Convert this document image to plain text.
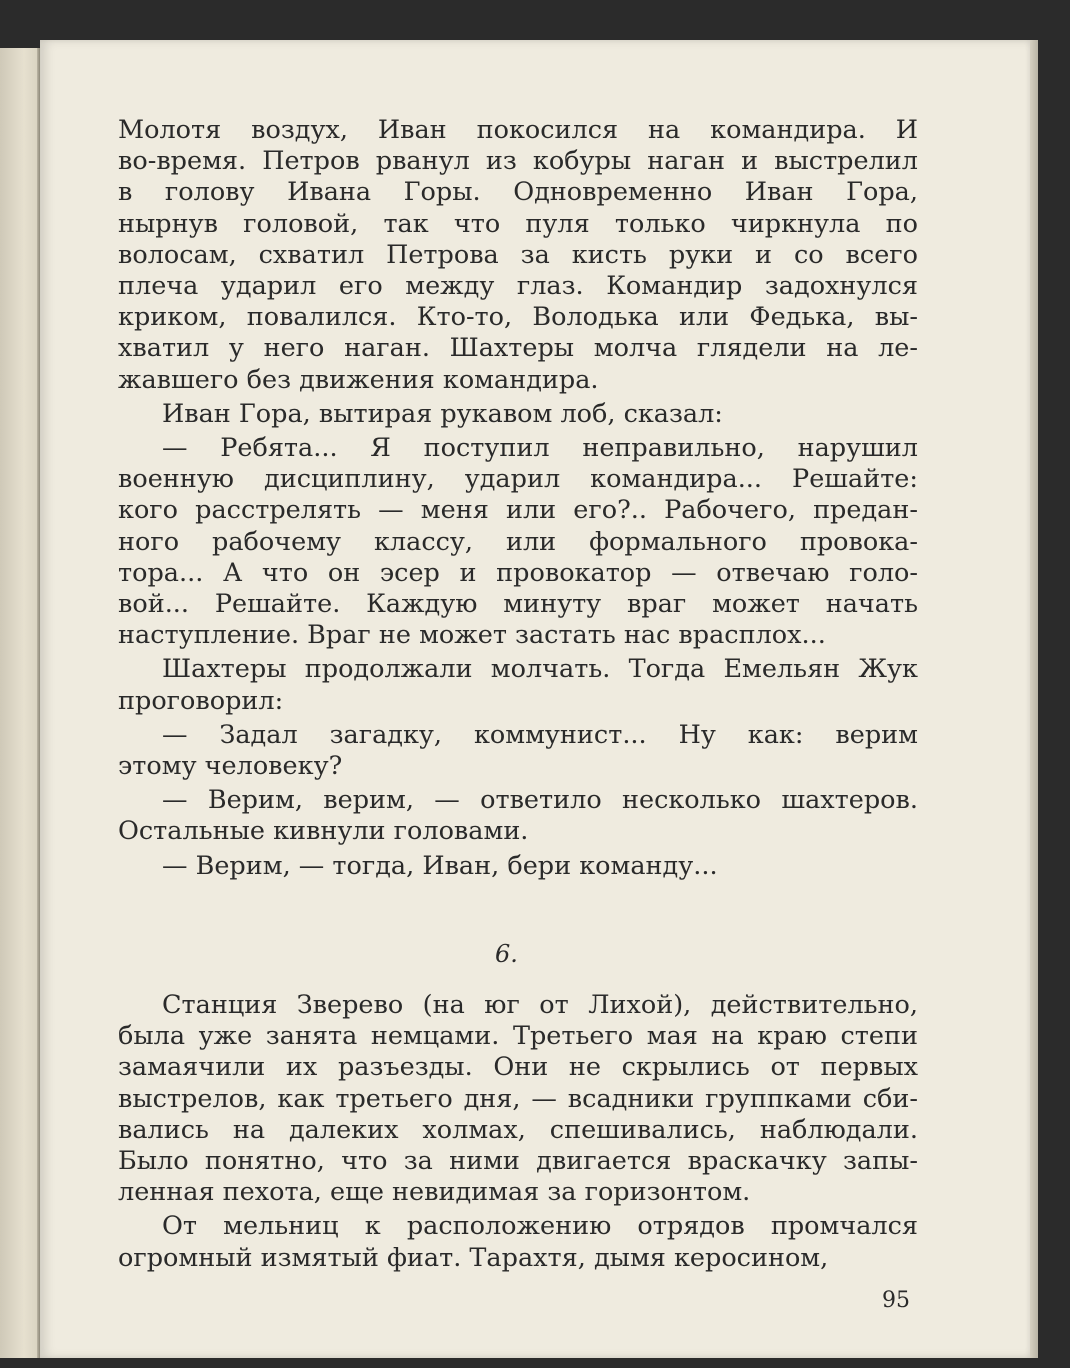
Молотя воздух, Иван покосился на командира. И
во-время. Петров рванул из кобуры наган и выстрелил
в голову Ивана Горы. Одновременно Иван Гора,
нырнув головой, так что пуля только чиркнула по
волосам, схватил Петрова за кисть руки и со всего
плеча ударил его между глаз. Командир задохнулся
криком, повалился. Кто-то, Володька или Федька, вы-
хватил у него наган. Шахтеры молча глядели на ле-
жавшего без движения командира.
Иван Гора, вытирая рукавом лоб, сказал:
— Ребята... Я поступил неправильно, нарушил
военную дисциплину, ударил командира... Решайте:
кого расстрелять — меня или его?.. Рабочего, предан-
ного рабочему классу, или формального провока-
тора... А что он эсер и провокатор — отвечаю голо-
вой... Решайте. Каждую минуту враг может начать
наступление. Враг не может застать нас врасплох...
Шахтеры продолжали молчать. Тогда Емельян Жук
проговорил:
— Задал загадку, коммунист... Ну как: верим
этому человеку?
— Верим, верим, — ответило несколько шахтеров.
Остальные кивнули головами.
— Верим, — тогда, Иван, бери команду...
6.
Станция Зверево (на юг от Лихой), действительно,
была уже занята немцами. Третьего мая на краю степи
замаячили их разъезды. Они не скрылись от первых
выстрелов, как третьего дня, — всадники группками сби-
вались на далеких холмах, спешивались, наблюдали.
Было понятно, что за ними двигается враскачку запы-
ленная пехота, еще невидимая за горизонтом.
От мельниц к расположению отрядов промчался
огромный измятый фиат. Тарахтя, дымя керосином,
95
